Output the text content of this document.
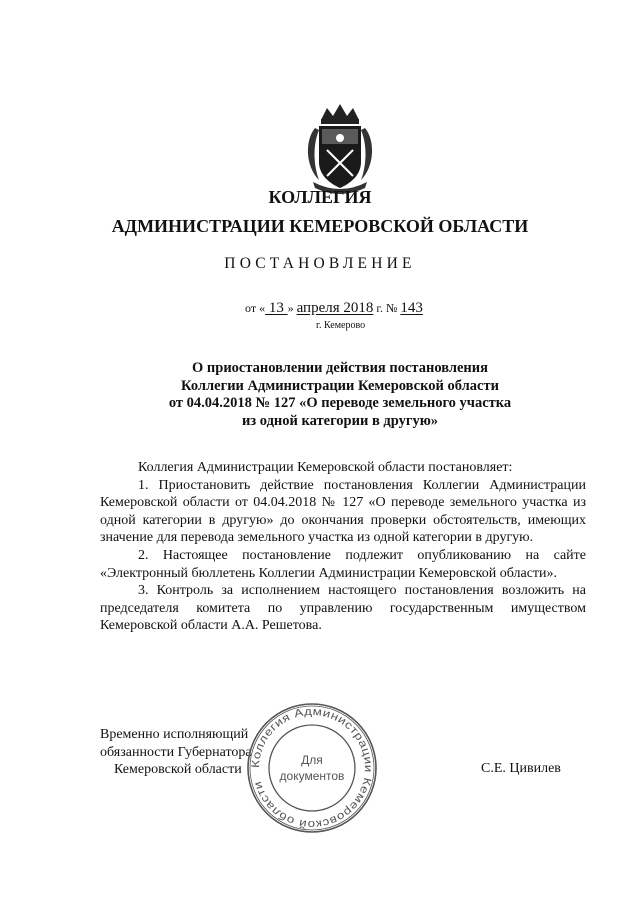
КОЛЛЕГИЯ
АДМИНИСТРАЦИИ КЕМЕРОВСКОЙ ОБЛАСТИ
ПОСТАНОВЛЕНИЕ
от « 13 » апреля 2018 г. № 143
г. Кемерово
О приостановлении действия постановления
Коллегии Администрации Кемеровской области
от 04.04.2018 № 127 «О переводе земельного участка
из одной категории в другую»

Коллегия Администрации Кемеровской области постановляет:

1. Приостановить действие постановления Коллегии Администрации Кемеровской области от 04.04.2018 № 127 «О переводе земельного участка из одной категории в другую» до окончания проверки обстоятельств, имеющих значение для перевода земельного участка из одной категории в другую.

2. Настоящее постановление подлежит опубликованию на сайте «Электронный бюллетень Коллегии Администрации Кемеровской области».

3. Контроль за исполнением настоящего постановления возложить на председателя комитета по управлению государственным имуществом Кемеровской области А.А. Решетова.

Временно исполняющий
обязанности Губернатора
Кемеровской области	С.Е. Цивилев
Коллегия Администрации Кемеровской области
Для
документов
